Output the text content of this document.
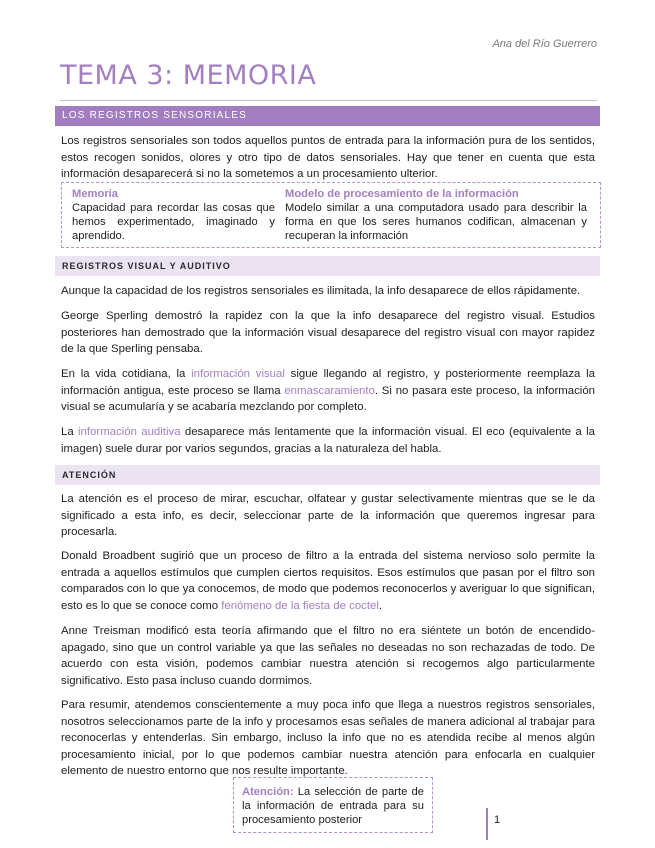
Ana del Río Guerrero
TEMA 3: MEMORIA
LOS REGISTROS SENSORIALES

Los registros sensoriales son todos aquellos puntos de entrada para la información pura de los sentidos, estos recogen sonidos, olores y otro tipo de datos sensoriales. Hay que tener en cuenta que esta información desaparecerá si no la sometemos a un procesamiento ulterior.

Memoria
Capacidad para recordar las cosas que hemos experimentado, imaginado y aprendido.
Modelo de procesamiento de la información
Modelo similar a una computadora usado para describir la forma en que los seres humanos codifican, almacenan y recuperan la información
REGISTROS VISUAL Y AUDITIVO

Aunque la capacidad de los registros sensoriales es ilimitada, la info desaparece de ellos rápidamente.

George Sperling demostró la rapidez con la que la info desaparece del registro visual. Estudios posteriores han demostrado que la información visual desaparece del registro visual con mayor rapidez de la que Sperling pensaba.

En la vida cotidiana, la información visual sigue llegando al registro, y posteriormente reemplaza la información antigua, este proceso se llama enmascaramiento. Si no pasara este proceso, la información visual se acumularía y se acabaría mezclando por completo.

La información auditiva desaparece más lentamente que la información visual. El eco (equivalente a la imagen) suele durar por varios segundos, gracias a la naturaleza del habla.

ATENCIÓN

La atención es el proceso de mirar, escuchar, olfatear y gustar selectivamente mientras que se le da significado a esta info, es decir, seleccionar parte de la información que queremos ingresar para procesarla.

Donald Broadbent sugirió que un proceso de filtro a la entrada del sistema nervioso solo permite la entrada a aquellos estímulos que cumplen ciertos requisitos. Esos estímulos que pasan por el filtro son comparados con lo que ya conocemos, de modo que podemos reconocerlos y averiguar lo que significan, esto es lo que se conoce como fenómeno de la fiesta de coctel.

Anne Treisman modificó esta teoría afirmando que el filtro no era siéntete un botón de encendido-apagado, sino que un control variable ya que las señales no deseadas no son rechazadas de todo. De acuerdo con esta visión, podemos cambiar nuestra atención si recogemos algo particularmente significativo. Esto pasa incluso cuando dormimos.

Para resumir, atendemos conscientemente a muy poca info que llega a nuestros registros sensoriales, nosotros seleccionamos parte de la info y procesamos esas señales de manera adicional al trabajar para reconocerlas y entenderlas. Sin embargo, incluso la info que no es atendida recibe al menos algún procesamiento inicial, por lo que podemos cambiar nuestra atención para enfocarla en cualquier elemento de nuestro entorno que nos resulte importante.

Atención: La selección de parte de la información de entrada para su procesamiento posterior	1
